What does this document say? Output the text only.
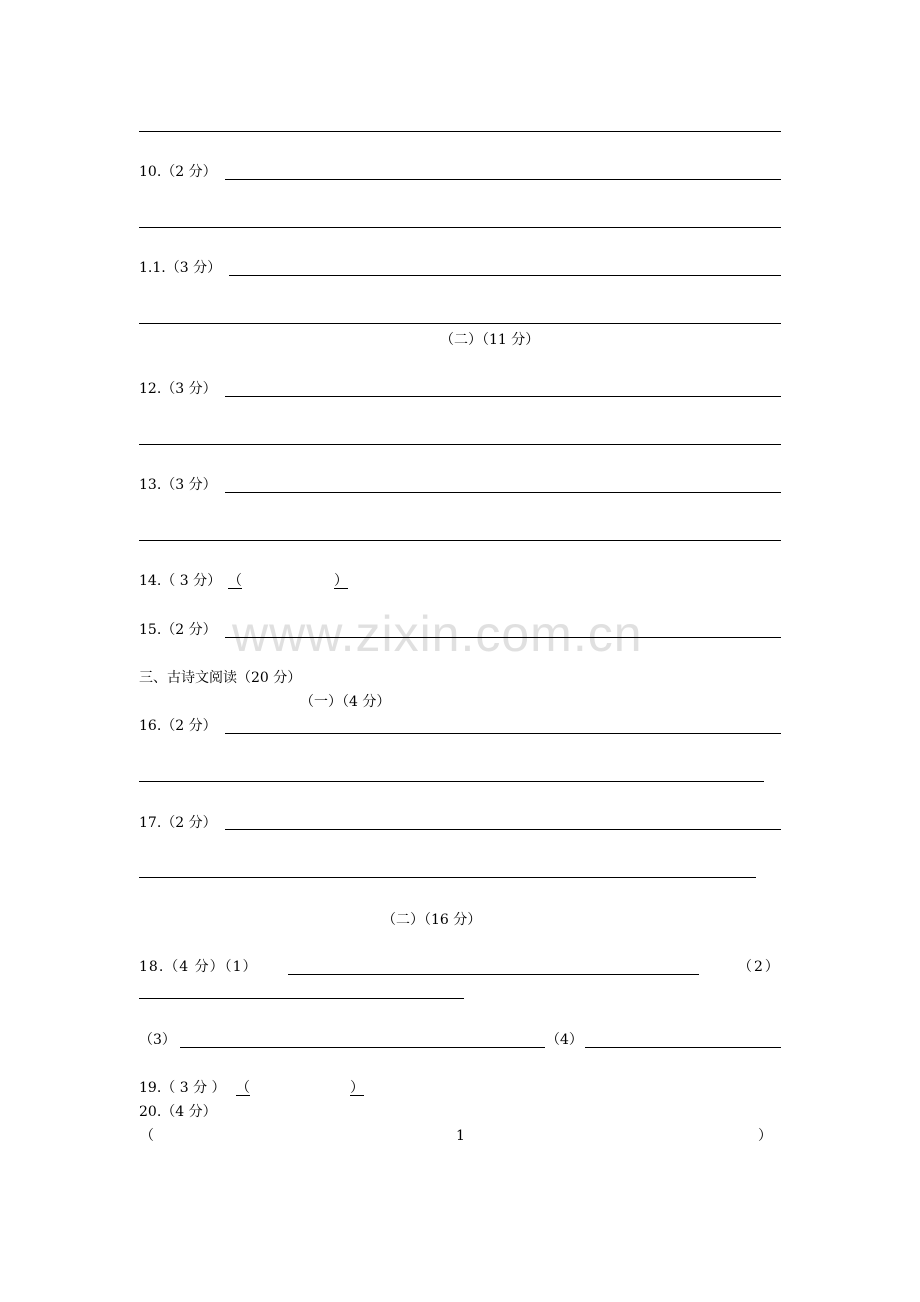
www.zixin.com.cn
10.（2 分）
1.1.（3 分）
（二）（11 分）
12.（3 分）
13.（3 分）
14.（ 3 分） （	）
15.（2 分）
三、古诗文阅读（20 分）
（一）（4 分）
16.（2 分）
17.（2 分）
（二）（16 分）
18.（4 分）（1）	（2）
（3）	（4）
19.（ 3 分 ） （	）
20.（4 分）
（	1	）
